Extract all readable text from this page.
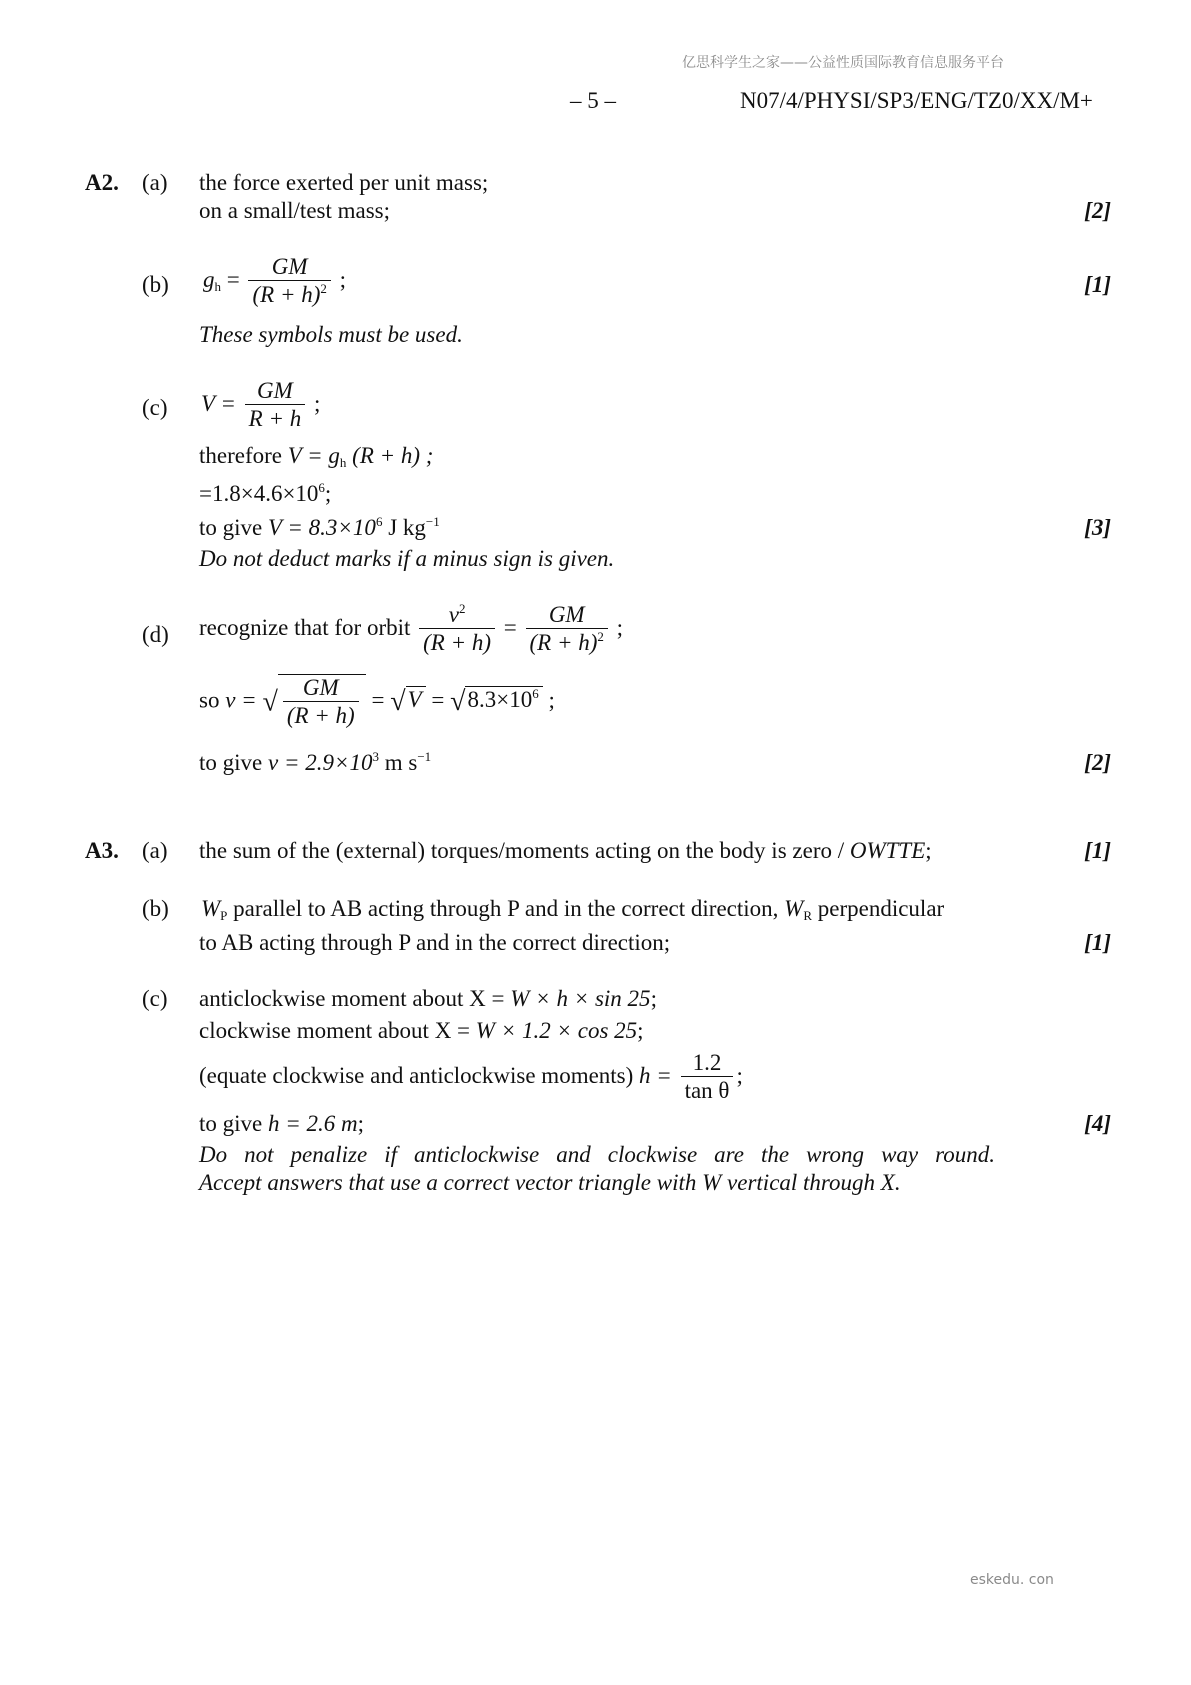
亿思科学生之家——公益性质国际教育信息服务平台
– 5 –	N07/4/PHYSI/SP3/ENG/TZ0/XX/M+
A2. (a) the force exerted per unit mass;
on a small/test mass;	[2]
(b) $g_h = \frac{GM}{(R + h)^2}$ ;	[1]
These symbols must be used.
(c) $V = \frac{GM}{R + h}$ ;
therefore $V = g_h$ (R + h) ;
$=1.8\times 4.6\times 10^6$;
to give $V = 8.3\times 10^6$ J $kg^{-1}$	[3]
Do not deduct marks if a minus sign is given.
(d) recognize that for orbit $\frac{v^2}{(R + h)} = \frac{GM}{(R + h)^2}$ ;
so v = √ $\frac{GM}{(R + h)} = √V = √8.3\times 10^6$ ;
to give $v = 2.9\times 10^3$ m $s^{-1}$	[2]
A3. (a) the sum of the (external) torques/moments acting on the body is zero / OWTTE;	[1]
(b) $W_P$ parallel to AB acting through P and in the correct direction, $W_R$ perpendicular
to AB acting through P and in the correct direction;	[1]
(c) anticlockwise moment about X = W × h × sin 25;
clockwise moment about X = W × 1.2 × cos 25;
(equate clockwise and anticlockwise moments) $h = \frac{1.2}{\text{tan θ}}$ ;
to give h = 2.6 m;	[4]
Do not penalize if anticlockwise and clockwise are the wrong way round.
Accept answers that use a correct vector triangle with W vertical through X.
eskedu. con
